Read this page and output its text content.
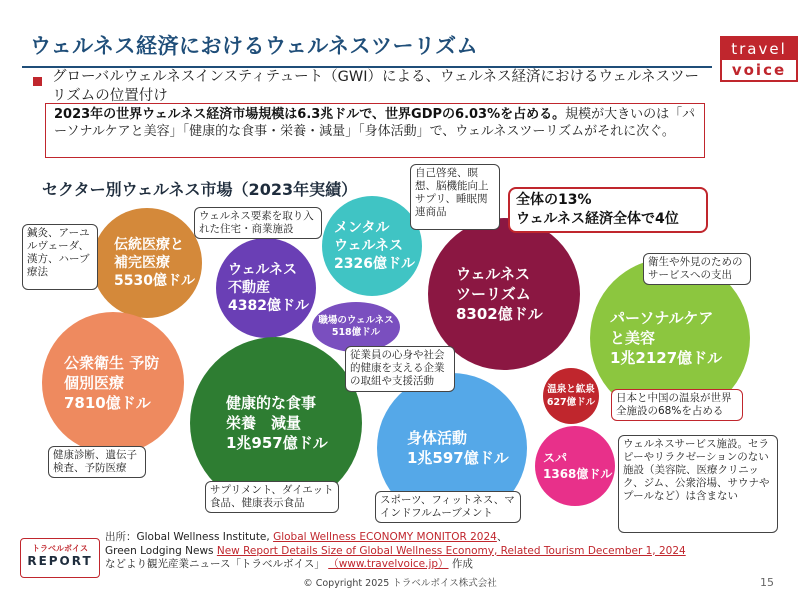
ウェルネス経済におけるウェルネスツーリズム	travel
voice
グローバルウェルネスインスティテュート（GWI）による、ウェルネス経済におけるウェルネスツーリズムの位置付け
2023年の世界ウェルネス経済市場規模は6.3兆ドルで、世界GDPの6.03%を占める。規模が大きいのは「パーソナルケアと美容」「健康的な食事・栄養・減量」「身体活動」で、ウェルネスツーリズムがそれに次ぐ。
セクター別ウェルネス市場（2023年実績）
伝統医療と
補完医療
5530億ドル
ウェルネス
不動産
4382億ドル
メンタル
ウェルネス
2326億ドル
ウェルネス
ツーリズム
8302億ドル	パーソナルケア
と美容
1兆2127億ドル
職場のウェルネス
518億ドル
公衆衛生 予防
個別医療
7810億ドル	健康的な食事
栄養　減量
1兆957億ドル	身体活動
1兆597億ドル
温泉と鉱泉
627億ドル
スパ
1368億ドル
全体の13%
ウェルネス経済全体で4位
鍼灸、アーユルヴェーダ、漢方、ハーブ療法
ウェルネス要素を取り入れた住宅・商業施設
自己啓発、瞑想、脳機能向上サプリ、睡眠関連商品
衛生や外見のためのサービスへの支出
従業員の心身や社会的健康を支える企業の取組や支援活動
日本と中国の温泉が世界全施設の68%を占める
健康診断、遺伝子検査、予防医療
サプリメント、ダイエット食品、健康表示食品	スポーツ、フィットネス、マインドフルムーブメント
ウェルネスサービス施設。セラピーやリラクゼーションのない施設（美容院、医療クリニック、ジム、公衆浴場、サウナやプールなど）は含まない
トラベルボイス
REPORT
出所：Global Wellness Institute, Global Wellness ECONOMY MONITOR 2024、
Green Lodging News New Report Details Size of Global Wellness Economy, Related Tourism December 1, 2024
などより観光産業ニュース「トラベルボイス」 （www.travelvoice.jp） 作成
© Copyright 2025 トラベルボイス株式会社	15
